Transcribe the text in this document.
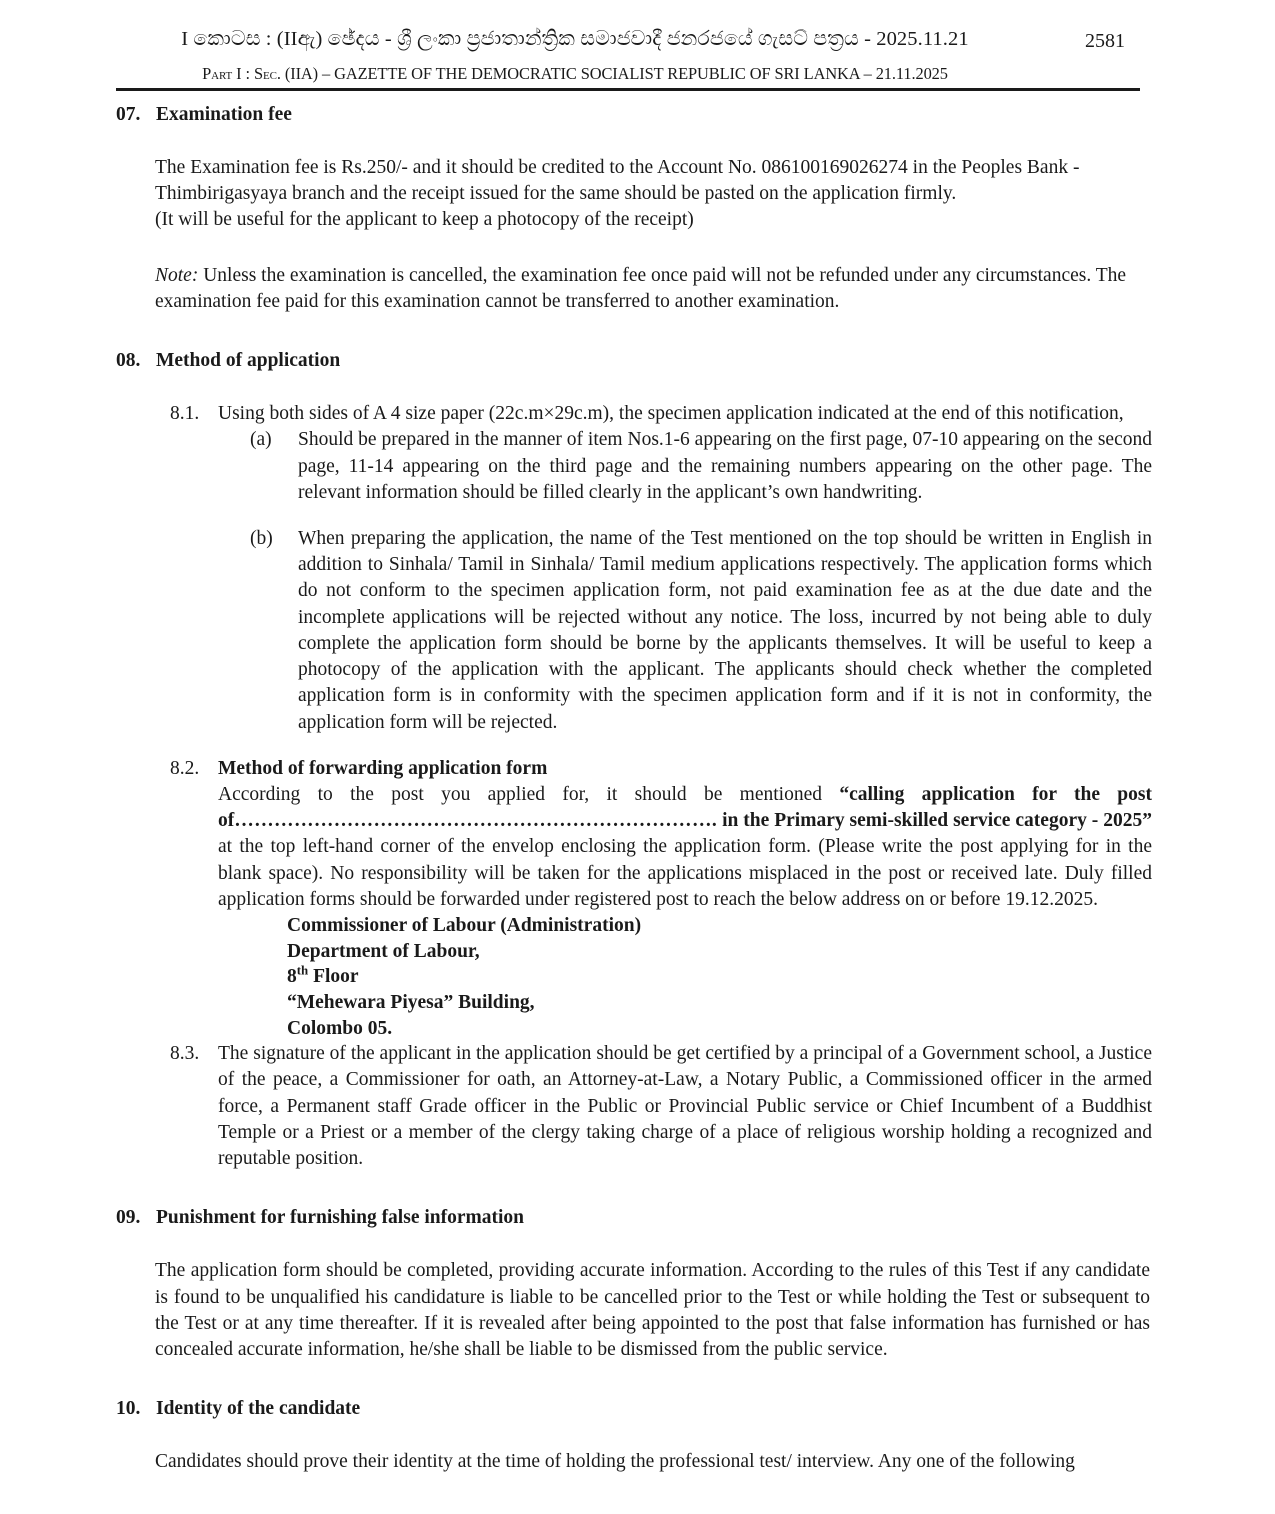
I කොටස : (IIඇ) ඡේදය - ශ්‍රී ලංකා ප්‍රජාතාන්ත්‍රික සමාජවාදී ජනරජයේ ගැසට් පත්‍රය - 2025.11.21	2581
Part I : Sec. (IIA) – GAZETTE OF THE DEMOCRATIC SOCIALIST REPUBLIC OF SRI LANKA – 21.11.2025
07. Examination fee
The Examination fee is Rs.250/- and it should be credited to the Account No. 086100169026274 in the Peoples Bank - Thimbirigasyaya branch and the receipt issued for the same should be pasted on the application firmly.
(It will be useful for the applicant to keep a photocopy of the receipt)
Note: Unless the examination is cancelled, the examination fee once paid will not be refunded under any circumstances. The examination fee paid for this examination cannot be transferred to another examination.
08. Method of application
8.1. Using both sides of A 4 size paper (22c.m×29c.m), the specimen application indicated at the end of this notification,
(a)	Should be prepared in the manner of item Nos.1-6 appearing on the first page, 07-10 appearing on the second page, 11-14 appearing on the third page and the remaining numbers appearing on the other page. The relevant information should be filled clearly in the applicant’s own handwriting.
(b)	When preparing the application, the name of the Test mentioned on the top should be written in English in addition to Sinhala/ Tamil in Sinhala/ Tamil medium applications respectively. The application forms which do not conform to the specimen application form, not paid examination fee as at the due date and the incomplete applications will be rejected without any notice. The loss, incurred by not being able to duly complete the application form should be borne by the applicants themselves. It will be useful to keep a photocopy of the application with the applicant. The applicants should check whether the completed application form is in conformity with the specimen application form and if it is not in conformity, the application form will be rejected.
8.2. Method of forwarding application form
According to the post you applied for, it should be mentioned “calling application for the post of………………………………………………………………. in the Primary semi-skilled service category - 2025” at the top left-hand corner of the envelop enclosing the application form. (Please write the post applying for in the blank space). No responsibility will be taken for the applications misplaced in the post or received late. Duly filled application forms should be forwarded under registered post to reach the below address on or before 19.12.2025.
Commissioner of Labour (Administration)
Department of Labour,
8th Floor
“Mehewara Piyesa” Building,
Colombo 05.
8.3. The signature of the applicant in the application should be get certified by a principal of a Government school, a Justice of the peace, a Commissioner for oath, an Attorney-at-Law, a Notary Public, a Commissioned officer in the armed force, a Permanent staff Grade officer in the Public or Provincial Public service or Chief Incumbent of a Buddhist Temple or a Priest or a member of the clergy taking charge of a place of religious worship holding a recognized and reputable position.
09. Punishment for furnishing false information
The application form should be completed, providing accurate information. According to the rules of this Test if any candidate is found to be unqualified his candidature is liable to be cancelled prior to the Test or while holding the Test or subsequent to the Test or at any time thereafter. If it is revealed after being appointed to the post that false information has furnished or has concealed accurate information, he/she shall be liable to be dismissed from the public service.
10. Identity of the candidate
Candidates should prove their identity at the time of holding the professional test/ interview. Any one of the following
